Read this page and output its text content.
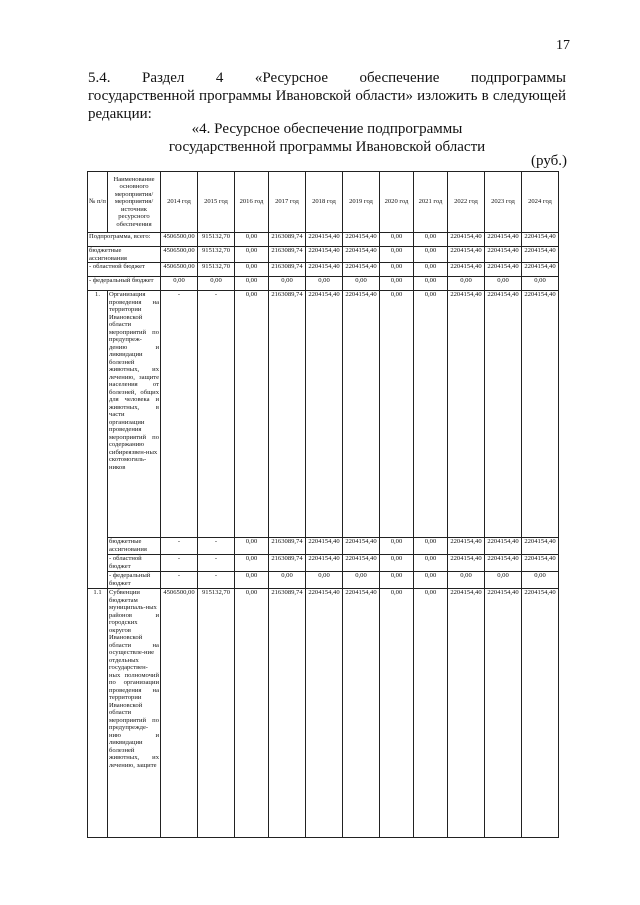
17
5.4. Раздел 4 «Ресурсное обеспечение подпрограммы
государственной программы Ивановской области» изложить в следующей
редакции:
«4. Ресурсное обеспечение подпрограммы
государственной программы Ивановской области
(руб.)
№ п/п	Наименование основного мероприятия/ мероприятия/ источник ресурсного обеспечения	2014 год	2015 год	2016 год	2017 год	2018 год	2019 год	2020 год	2021 год	2022 год	2023 год	2024 год
Подпрограмма, всего:		4506500,00	915132,70	0,00	2163089,74	2204154,40	2204154,40	0,00	0,00	2204154,40	2204154,40	2204154,40
бюджетные ассигнования		4506500,00	915132,70	0,00	2163089,74	2204154,40	2204154,40	0,00	0,00	2204154,40	2204154,40	2204154,40
- областной бюджет		4506500,00	915132,70	0,00	2163089,74	2204154,40	2204154,40	0,00	0,00	2204154,40	2204154,40	2204154,40
- федеральный бюджет		0,00	0,00	0,00	0,00	0,00	0,00	0,00	0,00	0,00	0,00	0,00
1.	Организация проведения на территории Ивановской области мероприятий по предупреж-дению и ликвидации болезней животных, их лечению, защите населения от болезней, общих для человека и животных, в части организации проведения мероприятий по содержанию сибиреязвен-ных скотомогиль-ников	-	-	0,00	2163089,74	2204154,40	2204154,40	0,00	0,00	2204154,40	2204154,40	2204154,40
	бюджетные ассигнования	-	-	0,00	2163089,74	2204154,40	2204154,40	0,00	0,00	2204154,40	2204154,40	2204154,40
	- областной бюджет	-	-	0,00	2163089,74	2204154,40	2204154,40	0,00	0,00	2204154,40	2204154,40	2204154,40
	- федеральный бюджет	-	-	0,00	0,00	0,00	0,00	0,00	0,00	0,00	0,00	0,00
1.1	Субвенции бюджетам муниципаль-ных районов и городских округов Ивановской области на осуществле-ние отдельных государствен-ных полномочий по организации проведения на территории Ивановской области мероприятий по предупрежде-нию и ликвидации болезней животных, их лечению, защите	4506500,00	915132,70	0,00	2163089,74	2204154,40	2204154,40	0,00	0,00	2204154,40	2204154,40	2204154,40
